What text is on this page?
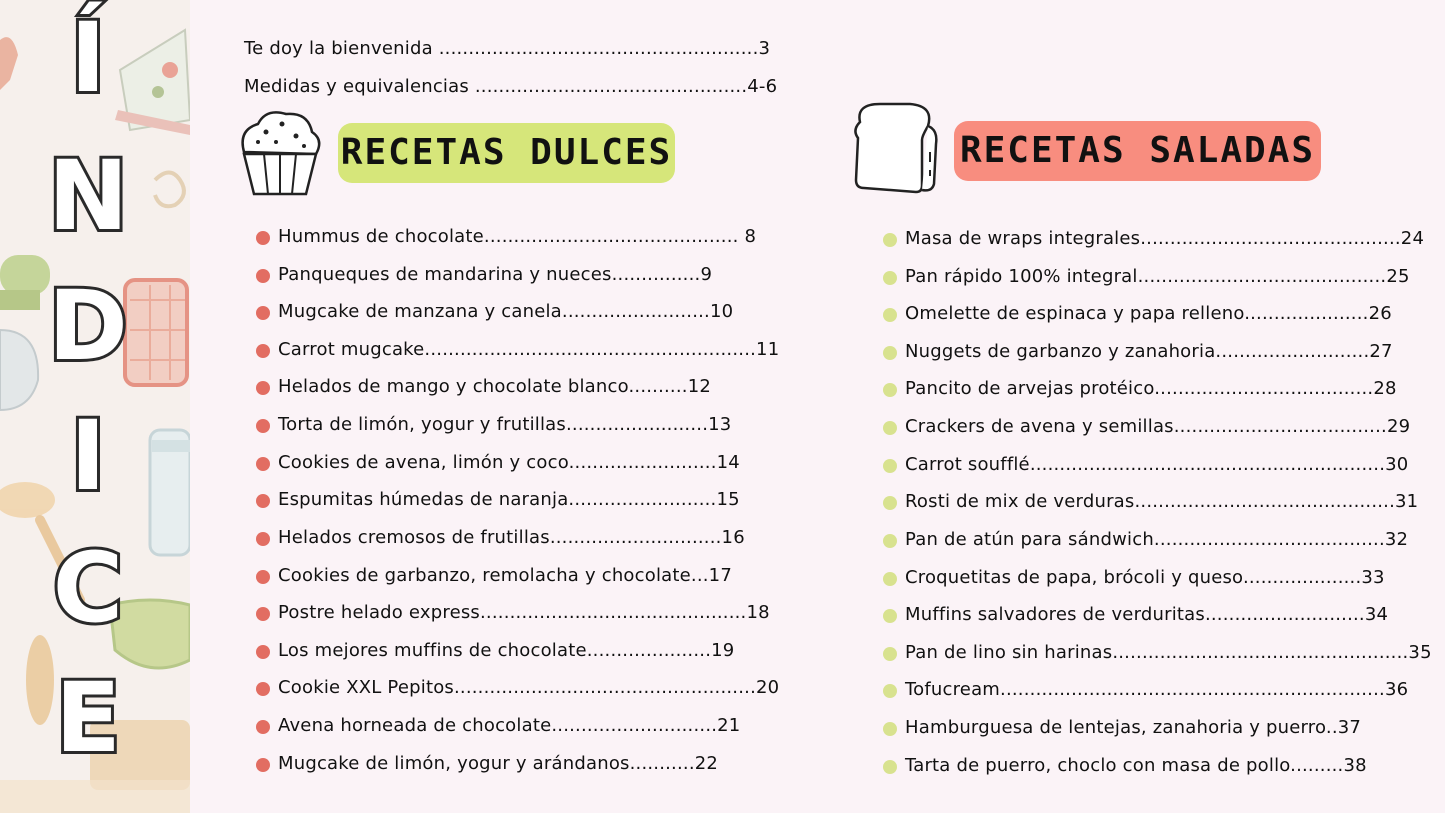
Í
N
D
I
C
E
Te doy la bienvenida ......................................................3
Medidas y equivalencias ..............................................4-6
RECETAS DULCES
Hummus de chocolate........................................... 8
Panqueques de mandarina y nueces...............9
Mugcake de manzana y canela.........................10
Carrot mugcake........................................................11
Helados de mango y chocolate blanco..........12
Torta de limón, yogur y frutillas........................13
Cookies de avena, limón y coco.........................14
Espumitas húmedas de naranja.........................15
Helados cremosos de frutillas.............................16
Cookies de garbanzo, remolacha y chocolate...17
Postre helado express.............................................18
Los mejores muffins de chocolate.....................19
Cookie XXL Pepitos...................................................20
Avena horneada de chocolate............................21
Mugcake de limón, yogur y arándanos...........22
RECETAS SALADAS
Masa de wraps integrales............................................24
Pan rápido 100% integral..........................................25
Omelette de espinaca y papa relleno.....................26
Nuggets de garbanzo y zanahoria..........................27
Pancito de arvejas protéico.....................................28
Crackers de avena y semillas....................................29
Carrot soufflé............................................................30
Rosti de mix de verduras............................................31
Pan de atún para sándwich.......................................32
Croquetitas de papa, brócoli y queso....................33
Muffins salvadores de verduritas...........................34
Pan de lino sin harinas..................................................35
Tofucream.................................................................36
Hamburguesa de lentejas, zanahoria y puerro..37
Tarta de puerro, choclo con masa de pollo.........38
